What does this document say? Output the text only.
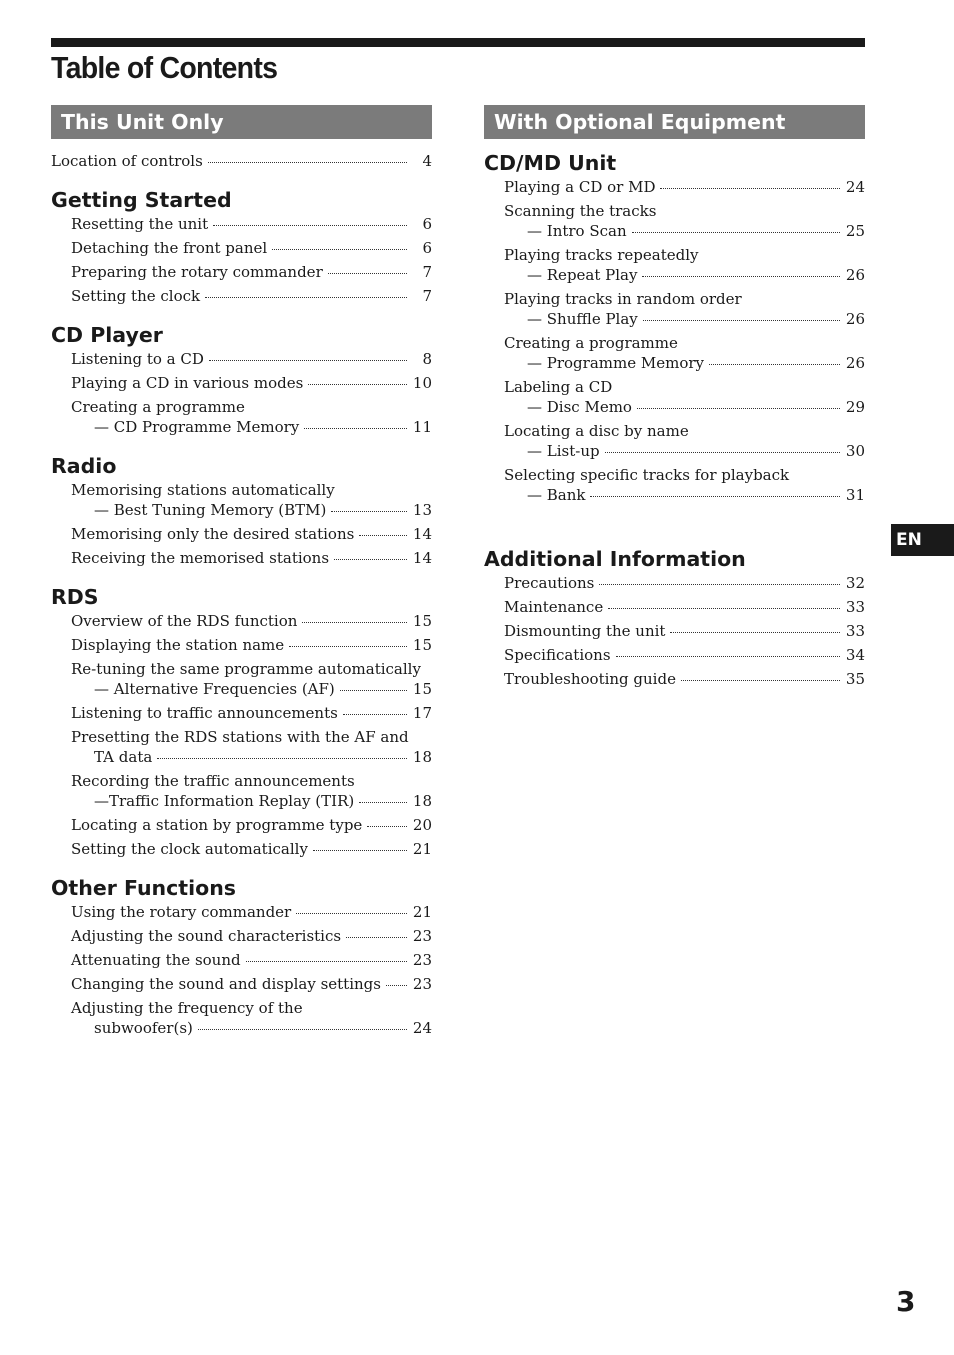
Table of Contents
This Unit Only
Location of controls	4
Getting Started
Resetting the unit	6
Detaching the front panel	6
Preparing the rotary commander	7
Setting the clock	7
CD Player
Listening to a CD	8
Playing a CD in various modes	10
Creating a programme
— CD Programme Memory	11
Radio
Memorising stations automatically
— Best Tuning Memory (BTM)	13
Memorising only the desired stations	14
Receiving the memorised stations	14
RDS
Overview of the RDS function	15
Displaying the station name	15
Re-tuning the same programme automatically
— Alternative Frequencies (AF)	15
Listening to traffic announcements	17
Presetting the RDS stations with the AF and
TA data	18
Recording the traffic announcements
—Traffic Information Replay (TIR)	18
Locating a station by programme type	20
Setting the clock automatically	21
Other Functions
Using the rotary commander	21
Adjusting the sound characteristics	23
Attenuating the sound	23
Changing the sound and display settings 23
Adjusting the frequency of the
subwoofer(s)	24
With Optional Equipment
CD/MD Unit
Playing a CD or MD	24
Scanning the tracks
— Intro Scan	25
Playing tracks repeatedly
— Repeat Play	26
Playing tracks in random order
— Shuffle Play	26
Creating a programme
— Programme Memory	26
Labeling a CD
— Disc Memo	29
Locating a disc by name
— List-up	30
Selecting specific tracks for playback
— Bank	31
Additional Information
Precautions	32
Maintenance	33
Dismounting the unit	33
Specifications	34
Troubleshooting guide	35
EN
3
